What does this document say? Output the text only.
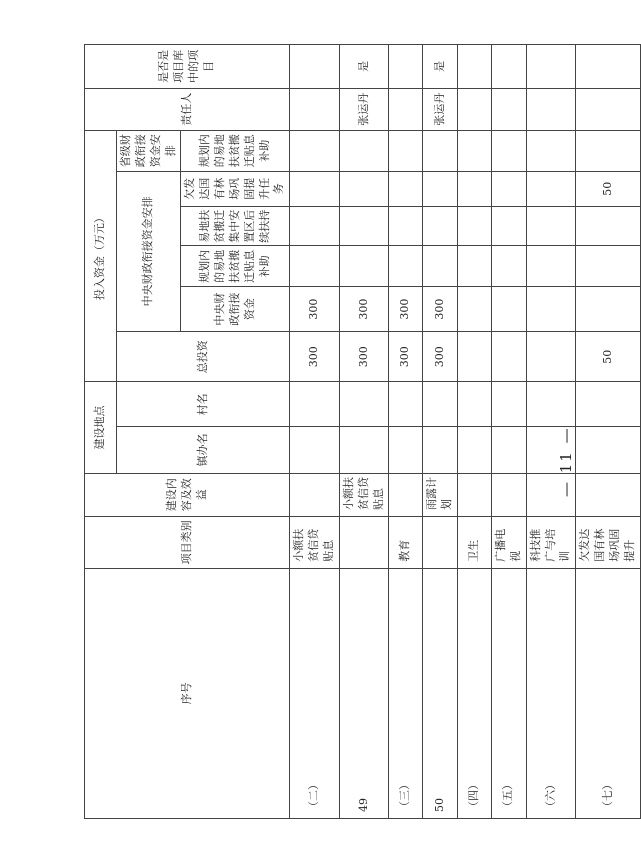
序号	项目类别	建设内容及效益	建设地点		投入资金（万元）						责任人	是否是项目库中的项目
			镇办名	村名	总投资	中央财政衔接资金安排				省级财政衔接资金安排		
						中央财政衔接资金	规划内的易地扶贫搬迁贴息补助	易地扶贫搬迁集中安置区后续扶持	欠发达国有林场巩固提升任务	规划内的易地扶贫搬迁贴息补助		
（二）	小额扶贫信贷贴息				300	300						
49		小额扶贫信贷贴息			300	300					张运丹	是
（三）	教育				300	300						
50		雨露计划			300	300					张运丹	是
（四）	卫生											
（五）	广播电视											
（六）	科技推广与培训											
（七）	欠发达国有林场巩固提升				50				50			
— 11 —
